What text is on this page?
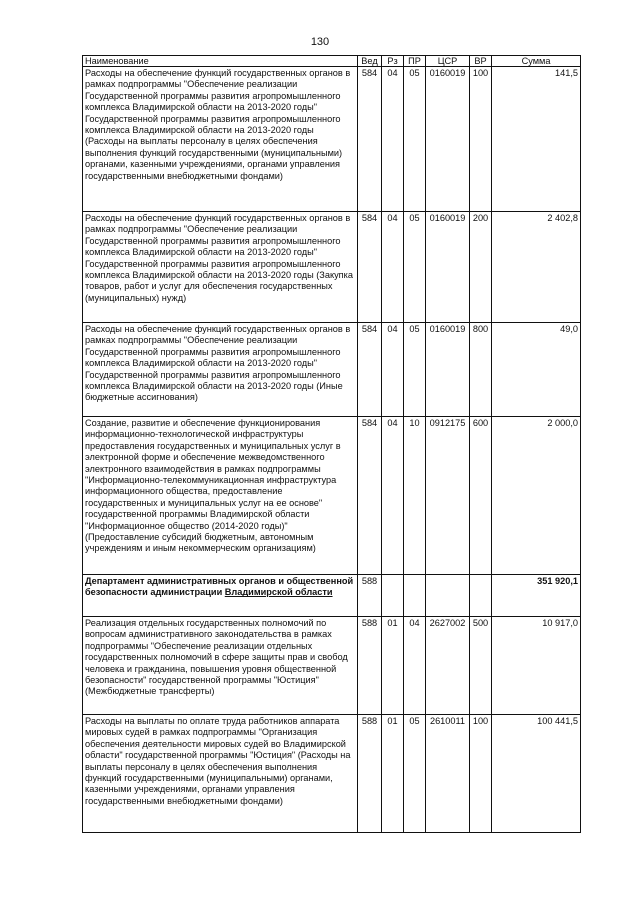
130
Наименование	Вед	Рз	ПР	ЦСР	ВР	Сумма
Расходы на обеспечение функций государственных органов в рамках подпрограммы "Обеспечение реализации Государственной программы развития агропромышленного комплекса Владимирской области на 2013-2020 годы" Государственной программы развития агропромышленного комплекса Владимирской области на 2013-2020 годы (Расходы на выплаты персоналу в целях обеспечения выполнения функций государственными (муниципальными) органами, казенными учреждениями, органами управления государственными внебюджетными фондами)	584	04	05	0160019	100	141,5
Расходы на обеспечение функций государственных органов в рамках подпрограммы "Обеспечение реализации Государственной программы развития агропромышленного комплекса Владимирской области на 2013-2020 годы" Государственной программы развития агропромышленного комплекса Владимирской области на 2013-2020 годы (Закупка товаров, работ и услуг для обеспечения государственных (муниципальных) нужд)	584	04	05	0160019	200	2 402,8
Расходы на обеспечение функций государственных органов в рамках подпрограммы "Обеспечение реализации Государственной программы развития агропромышленного комплекса Владимирской области на 2013-2020 годы" Государственной программы развития агропромышленного комплекса Владимирской области на 2013-2020 годы (Иные бюджетные ассигнования)	584	04	05	0160019	800	49,0
Создание, развитие и обеспечение функционирования информационно-технологической инфраструктуры предоставления государственных и муниципальных услуг в электронной форме и обеспечение межведомственного электронного взаимодействия в рамках подпрограммы "Информационно-телекоммуникационная инфраструктура информационного общества, предоставление государственных и муниципальных услуг на ее основе" государственной программы Владимирской области "Информационное общество (2014-2020 годы)" (Предоставление субсидий бюджетным, автономным учреждениям и иным некоммерческим организациям)	584	04	10	0912175	600	2 000,0
Департамент административных органов и общественной безопасности администрации Владимирской области	588					351 920,1
Реализация отдельных государственных полномочий по вопросам административного законодательства в рамках подпрограммы "Обеспечение реализации отдельных государственных полномочий в сфере защиты прав и свобод человека и гражданина, повышения уровня общественной безопасности" государственной программы "Юстиция" (Межбюджетные трансферты)	588	01	04	2627002	500	10 917,0
Расходы на выплаты по оплате труда работников аппарата мировых судей в рамках подпрограммы "Организация обеспечения деятельности мировых судей во Владимирской области" государственной программы "Юстиция" (Расходы на выплаты персоналу в целях обеспечения выполнения функций государственными (муниципальными) органами, казенными учреждениями, органами управления государственными внебюджетными фондами)	588	01	05	2610011	100	100 441,5
